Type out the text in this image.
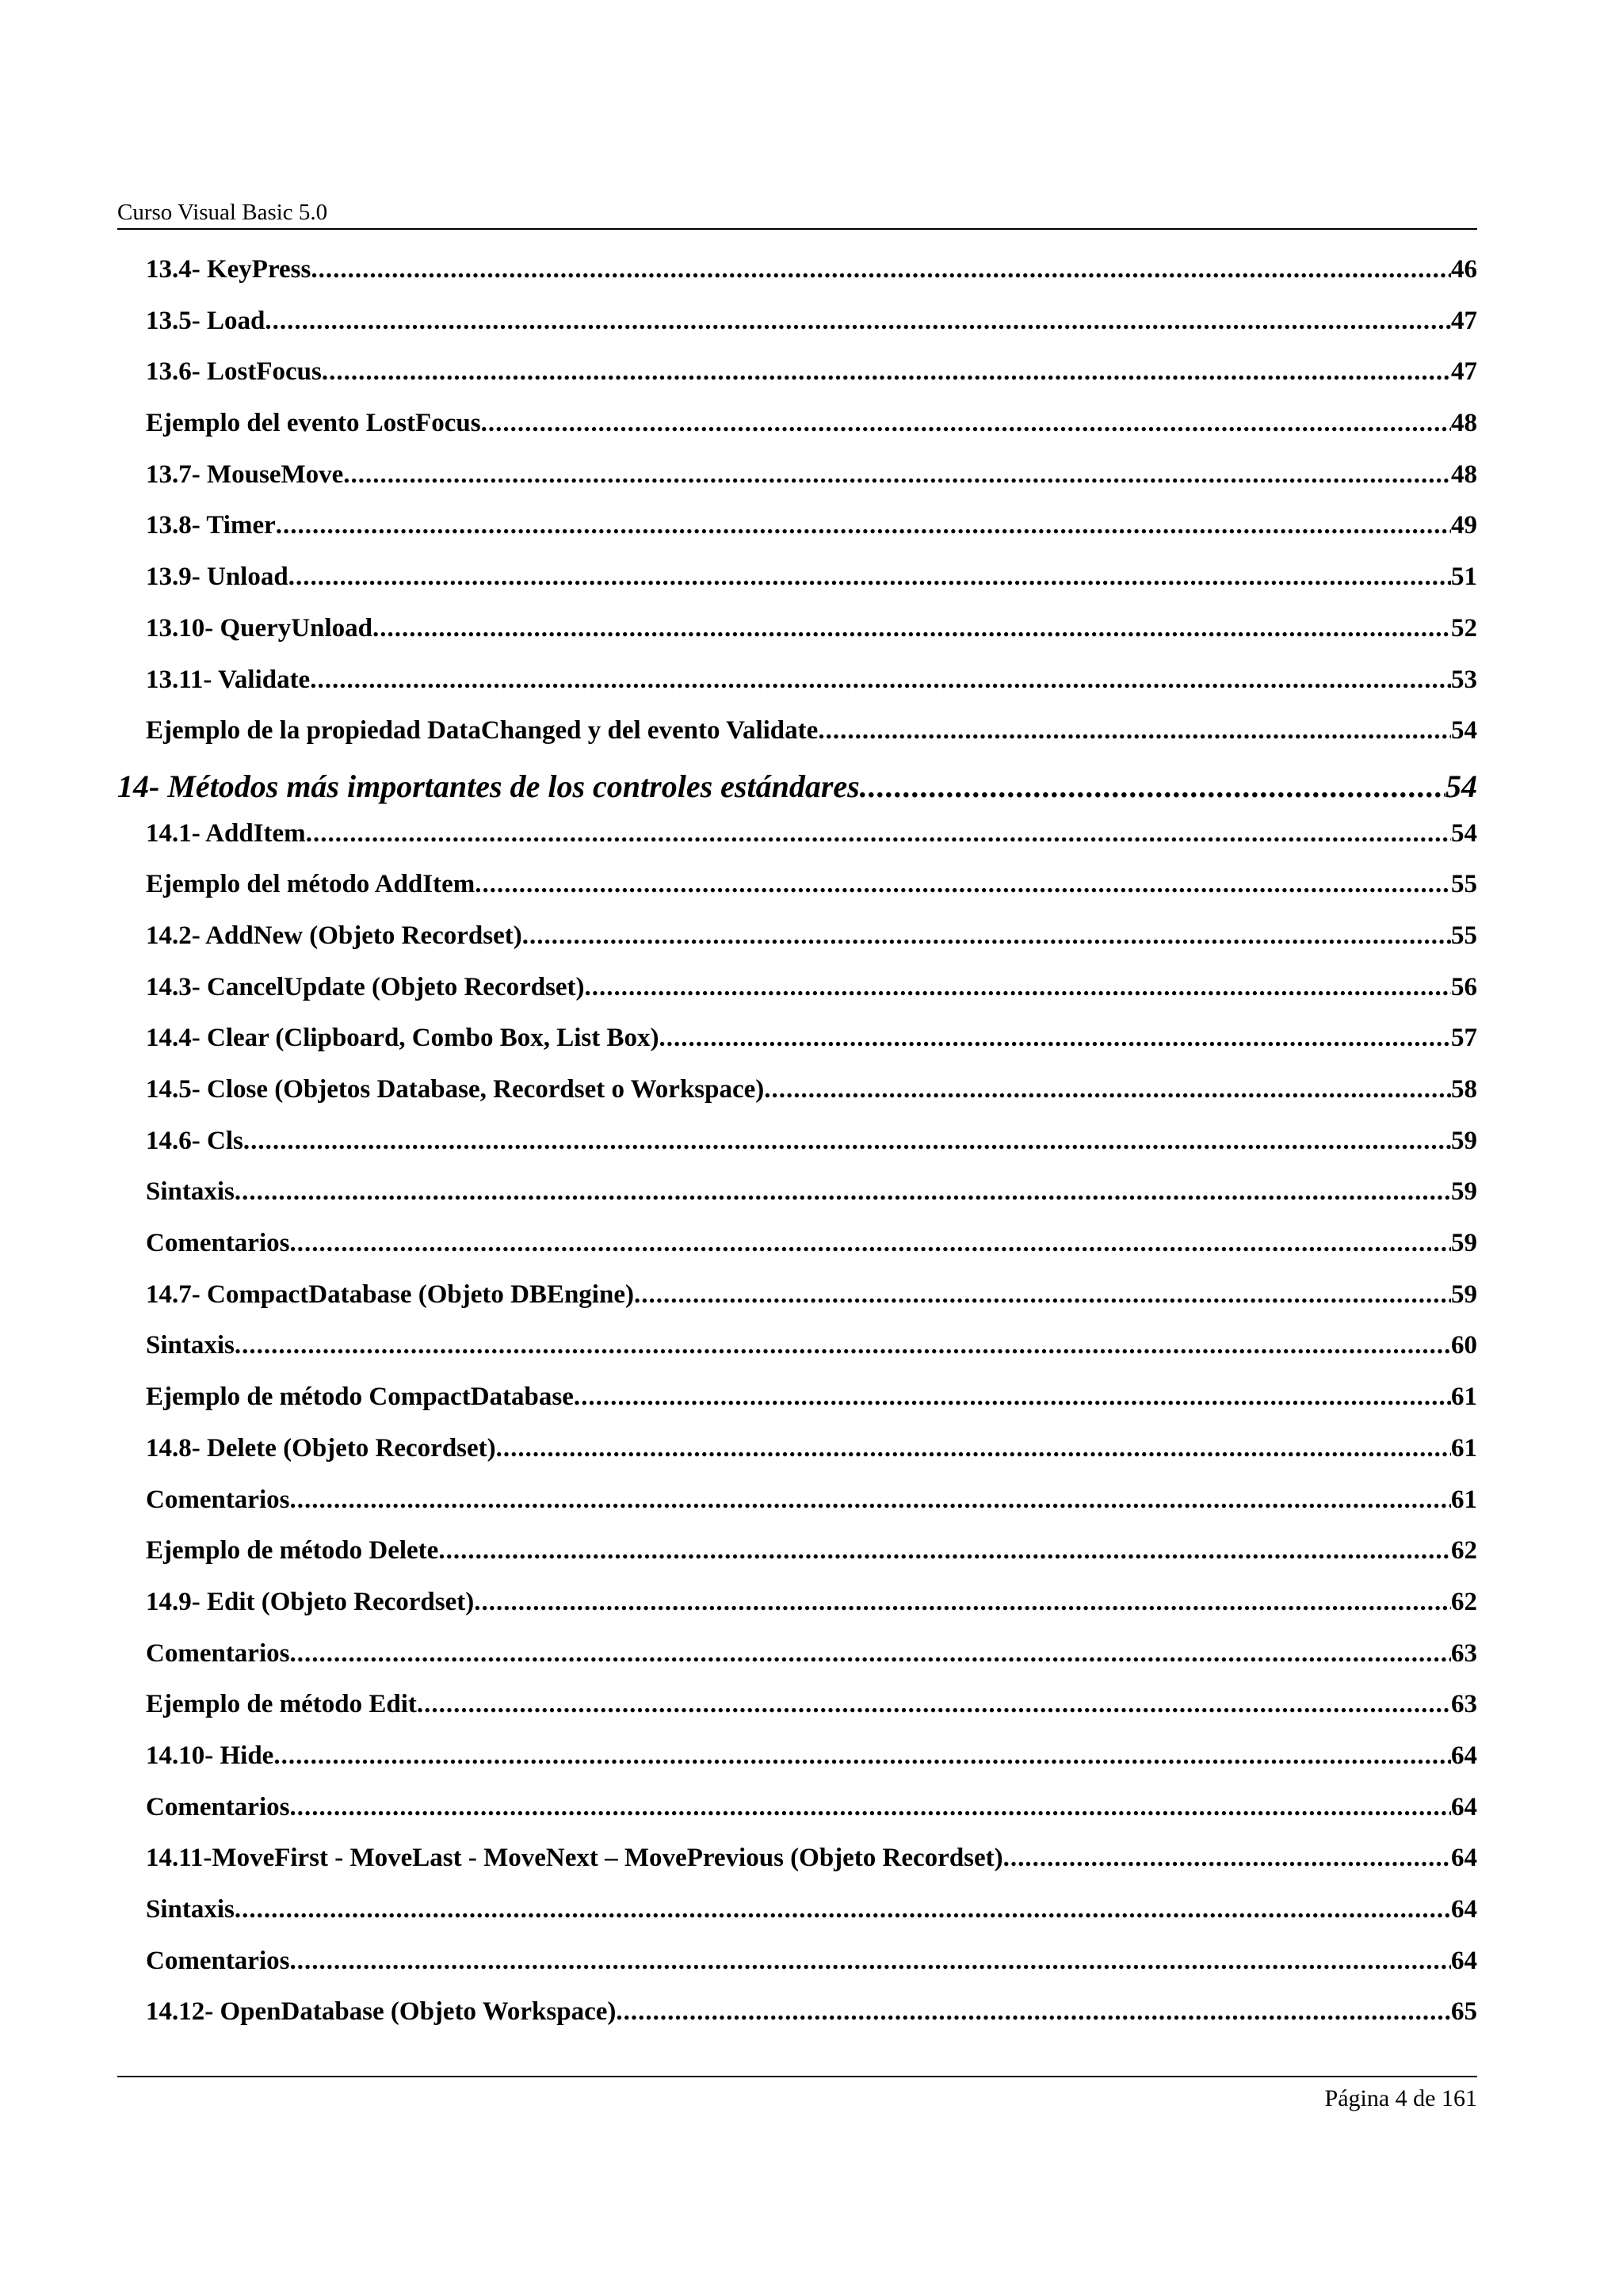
Curso Visual Basic 5.0
13.4- KeyPress .....	46
13.5- Load .....	47
13.6- LostFocus .....	47
Ejemplo del evento LostFocus .....	48
13.7- MouseMove .....	48
13.8- Timer .....	49
13.9- Unload .....	51
13.10- QueryUnload .....	52
13.11- Validate .....	53
Ejemplo de la propiedad DataChanged y del evento Validate .....	54
14- Métodos más importantes de los controles estándares .....	54
14.1- AddItem .....	54
Ejemplo del método AddItem .....	55
14.2- AddNew (Objeto Recordset) .....	55
14.3- CancelUpdate (Objeto Recordset) .....	56
14.4- Clear (Clipboard, Combo Box, List Box) .....	57
14.5- Close (Objetos Database, Recordset o Workspace) .....	58
14.6- Cls .....	59
Sintaxis .....	59
Comentarios .....	59
14.7- CompactDatabase (Objeto DBEngine) .....	59
Sintaxis .....	60
Ejemplo de método CompactDatabase .....	61
14.8- Delete (Objeto Recordset) .....	61
Comentarios .....	61
Ejemplo de método Delete .....	62
14.9- Edit (Objeto Recordset) .....	62
Comentarios .....	63
Ejemplo de método Edit .....	63
14.10- Hide .....	64
Comentarios .....	64
14.11-MoveFirst - MoveLast - MoveNext – MovePrevious (Objeto Recordset) .....	64
Sintaxis .....	64
Comentarios .....	64
14.12- OpenDatabase (Objeto Workspace) .....	65
Página 4 de 161
